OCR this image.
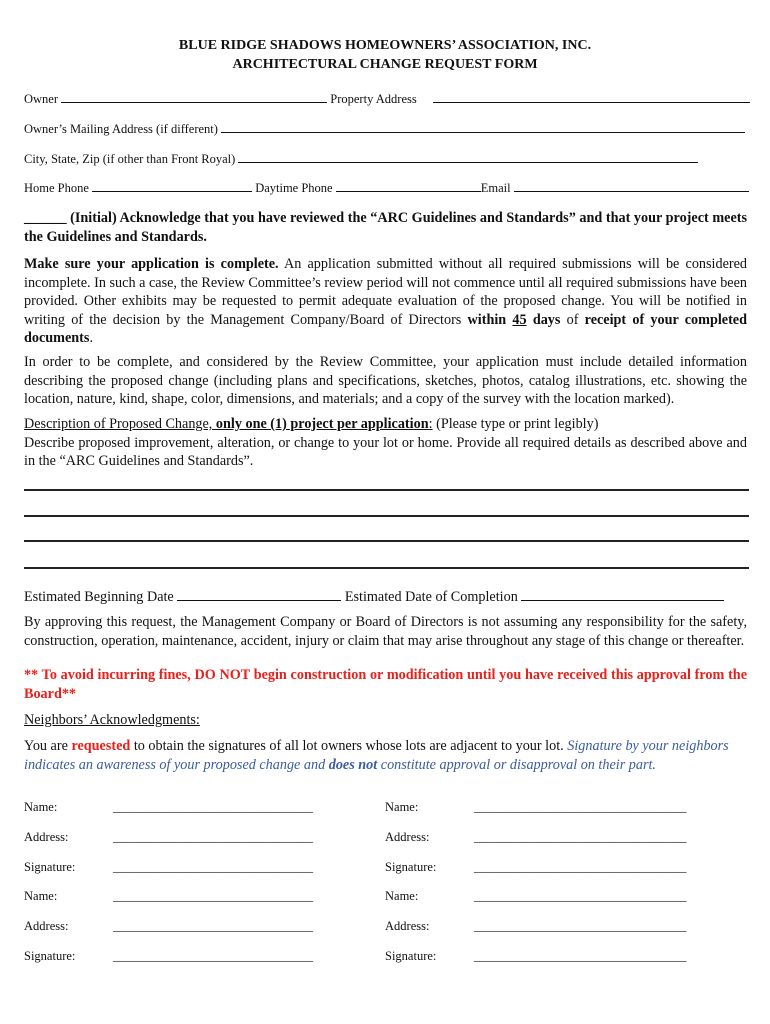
BLUE RIDGE SHADOWS HOMEOWNERS’ ASSOCIATION, INC.
ARCHITECTURAL CHANGE REQUEST FORM
Owner	Property Address
Owner’s Mailing Address (if different)
City, State, Zip (if other than Front Royal)
Home Phone	Daytime Phone	Email
______ (Initial) Acknowledge that you have reviewed the “ARC Guidelines and Standards” and that your project meets the Guidelines and Standards.
Make sure your application is complete. An application submitted without all required submissions will be considered incomplete. In such a case, the Review Committee’s review period will not commence until all required submissions have been provided. Other exhibits may be requested to permit adequate evaluation of the proposed change. You will be notified in writing of the decision by the Management Company/Board of Directors within 45 days of receipt of your completed documents.
In order to be complete, and considered by the Review Committee, your application must include detailed information describing the proposed change (including plans and specifications, sketches, photos, catalog illustrations, etc. showing the location, nature, kind, shape, color, dimensions, and materials; and a copy of the survey with the location marked).
Description of Proposed Change, only one (1) project per application: (Please type or print legibly)
Describe proposed improvement, alteration, or change to your lot or home. Provide all required details as described above and in the “ARC Guidelines and Standards”.
Estimated Beginning Date	Estimated Date of Completion
By approving this request, the Management Company or Board of Directors is not assuming any responsibility for the safety, construction, operation, maintenance, accident, injury or claim that may arise throughout any stage of this change or thereafter.
** To avoid incurring fines, DO NOT begin construction or modification until you have received this approval from the Board**
Neighbors’ Acknowledgments:
You are requested to obtain the signatures of all lot owners whose lots are adjacent to your lot. Signature by your neighbors indicates an awareness of your proposed change and does not constitute approval or disapproval on their part.
Name:	________________________________	Name:	__________________________________
Address:	________________________________	Address:	__________________________________
Signature:	________________________________	Signature:	__________________________________
Name:	________________________________	Name:	__________________________________
Address:	________________________________	Address:	__________________________________
Signature:	________________________________	Signature:	__________________________________
